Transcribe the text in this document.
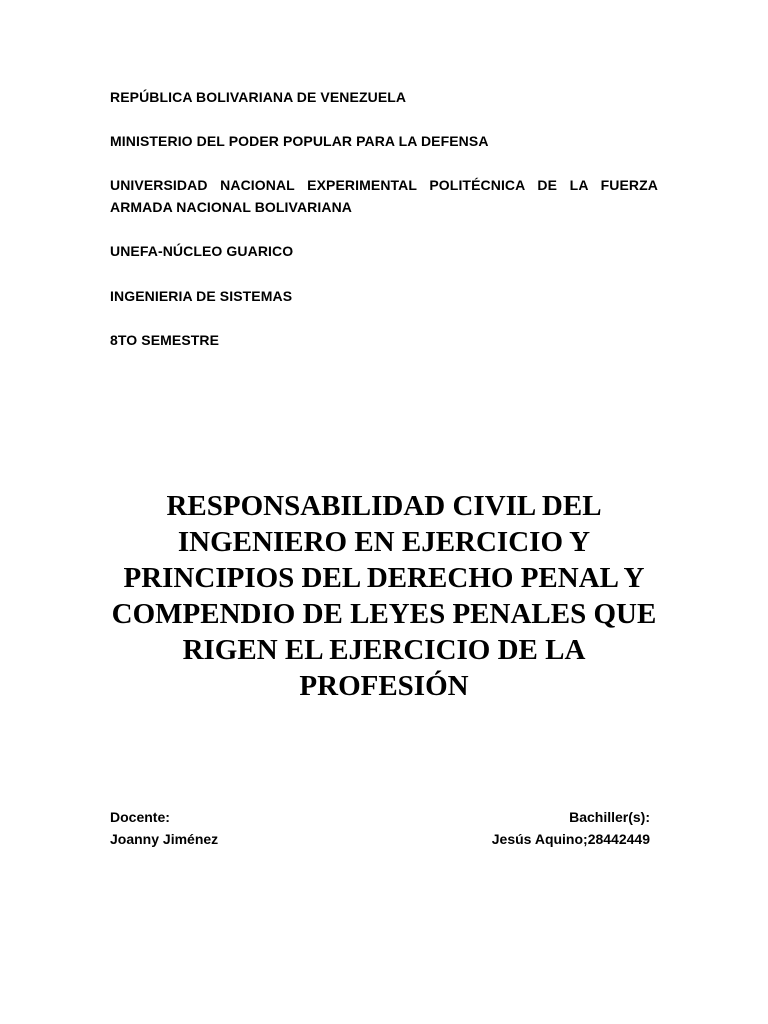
REPÚBLICA BOLIVARIANA DE VENEZUELA
MINISTERIO DEL PODER POPULAR PARA LA DEFENSA
UNIVERSIDAD NACIONAL EXPERIMENTAL POLITÉCNICA DE LA FUERZA ARMADA NACIONAL BOLIVARIANA
UNEFA-NÚCLEO GUARICO
INGENIERIA DE SISTEMAS
8TO SEMESTRE
RESPONSABILIDAD CIVIL DEL
INGENIERO EN EJERCICIO Y
PRINCIPIOS DEL DERECHO PENAL Y
COMPENDIO DE LEYES PENALES QUE
RIGEN EL EJERCICIO DE LA PROFESIÓN
Docente:
Joanny Jiménez
Bachiller(s):
Jesús Aquino;28442449
